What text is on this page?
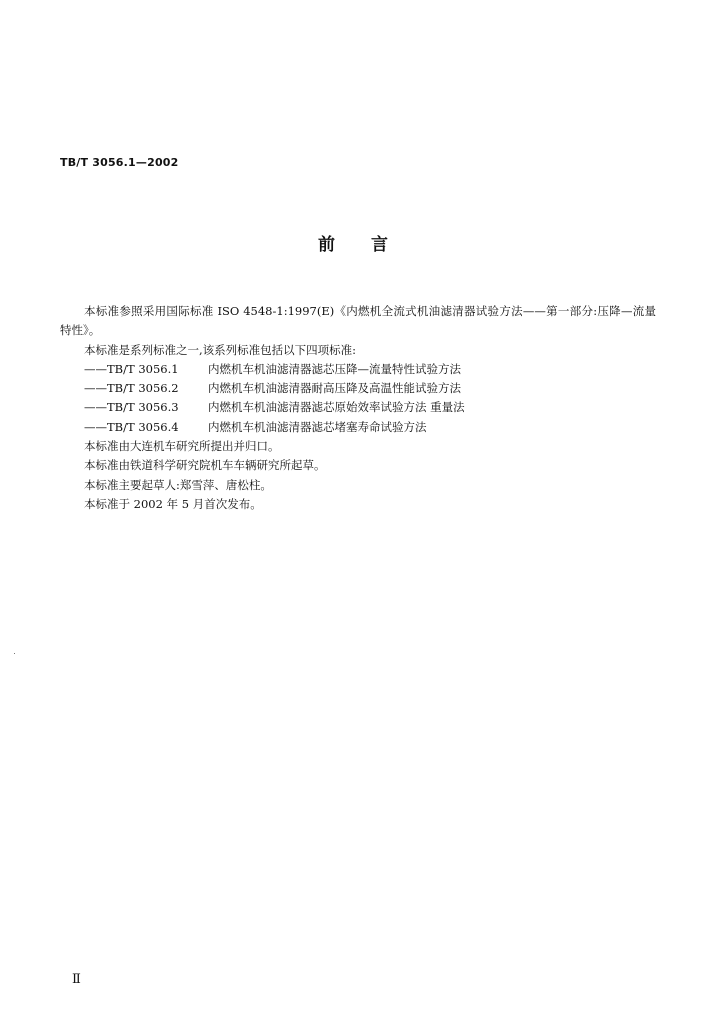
TB/T 3056.1—2002
前言

本标准参照采用国际标准 ISO 4548-1:1997(E)《内燃机全流式机油滤清器试验方法——第一部分:压降—流量特性》。

本标准是系列标准之一,该系列标准包括以下四项标准:

——TB/T 3056.1	内燃机车机油滤清器滤芯压降—流量特性试验方法

——TB/T 3056.2	内燃机车机油滤清器耐高压降及高温性能试验方法

——TB/T 3056.3	内燃机车机油滤清器滤芯原始效率试验方法 重量法

——TB/T 3056.4	内燃机车机油滤清器滤芯堵塞寿命试验方法

本标准由大连机车研究所提出并归口。

本标准由铁道科学研究院机车车辆研究所起草。

本标准主要起草人:郑雪萍、唐松柱。

本标准于 2002 年 5 月首次发布。

Ⅱ
